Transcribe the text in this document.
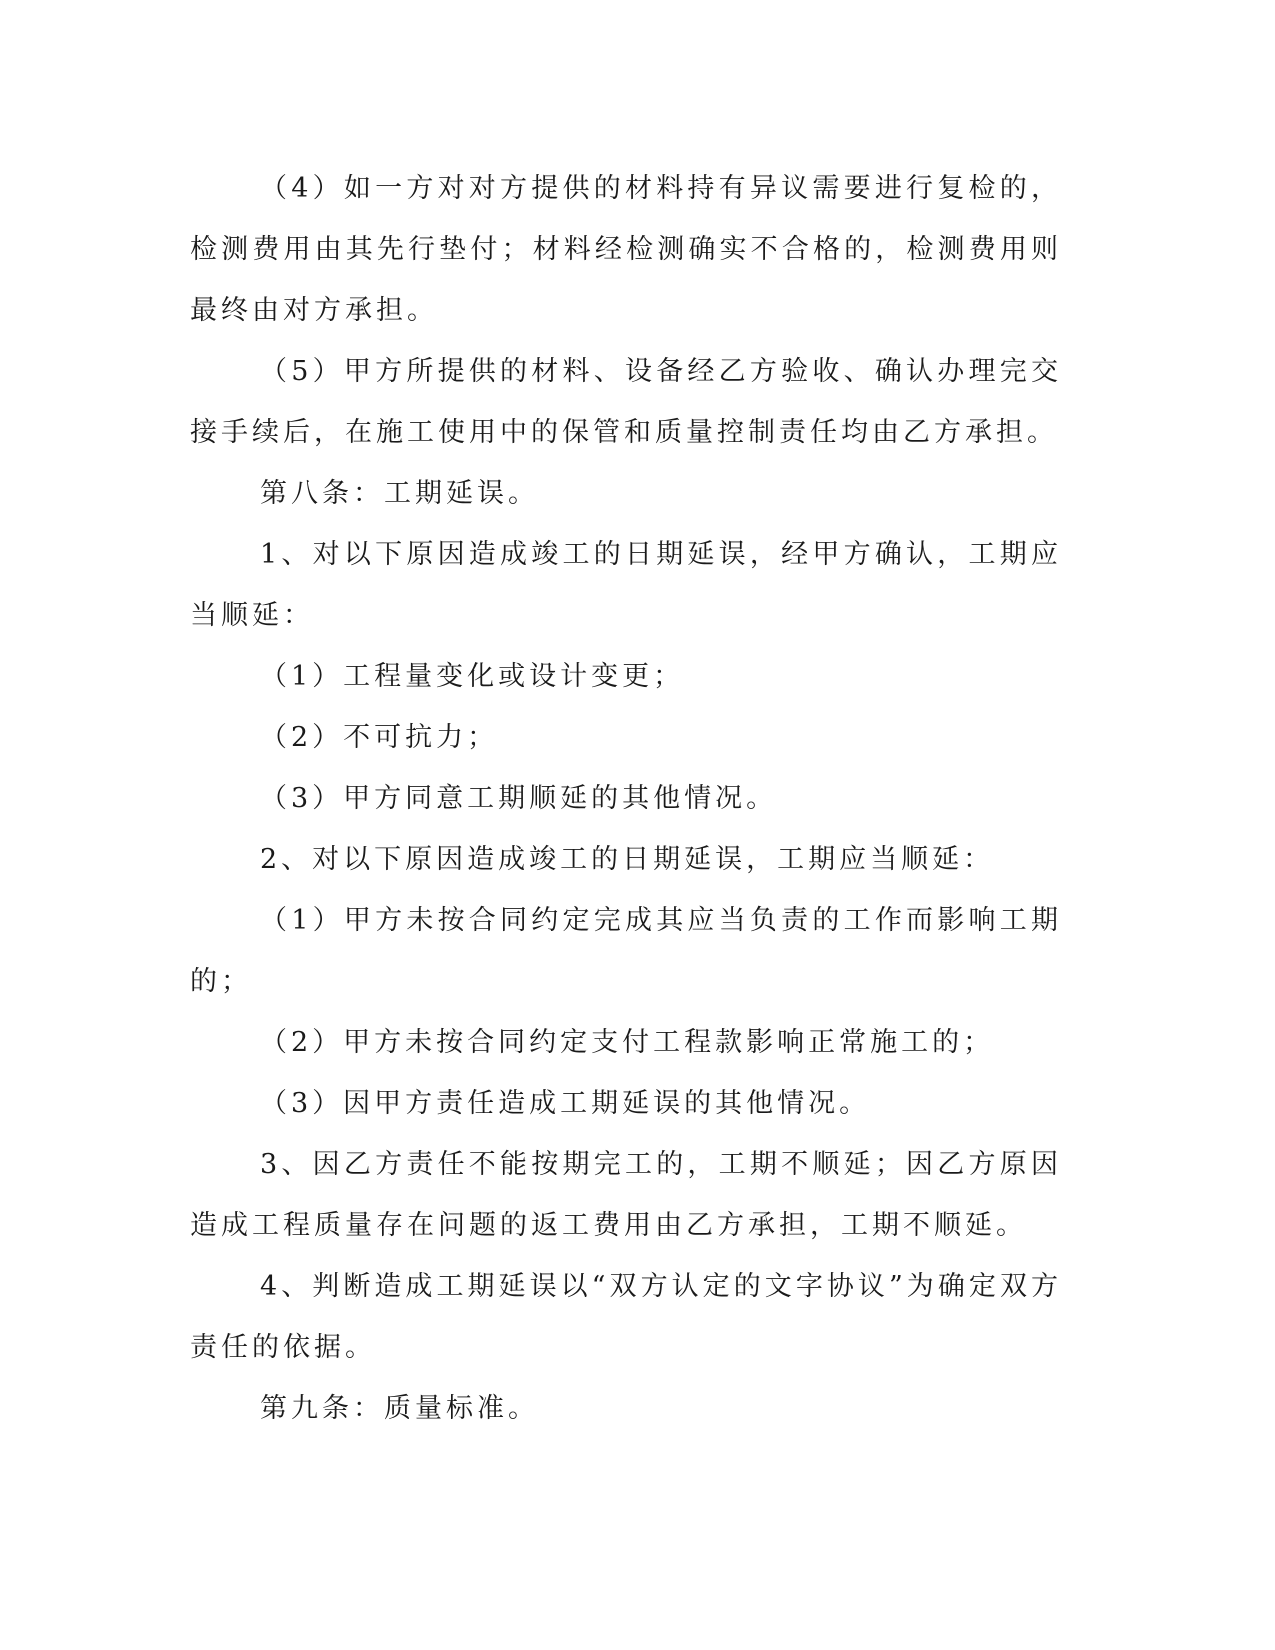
（4）如一方对对方提供的材料持有异议需要进行复检的，检测费用由其先行垫付；材料经检测确实不合格的，检测费用则最终由对方承担。

（5）甲方所提供的材料、设备经乙方验收、确认办理完交接手续后，在施工使用中的保管和质量控制责任均由乙方承担。

第八条：工期延误。

1、对以下原因造成竣工的日期延误，经甲方确认，工期应当顺延：

（1）工程量变化或设计变更；

（2）不可抗力；

（3）甲方同意工期顺延的其他情况。

2、对以下原因造成竣工的日期延误，工期应当顺延：

（1）甲方未按合同约定完成其应当负责的工作而影响工期的；

（2）甲方未按合同约定支付工程款影响正常施工的；

（3）因甲方责任造成工期延误的其他情况。

3、因乙方责任不能按期完工的，工期不顺延；因乙方原因造成工程质量存在问题的返工费用由乙方承担，工期不顺延。

4、判断造成工期延误以“双方认定的文字协议”为确定双方责任的依据。

第九条：质量标准。
